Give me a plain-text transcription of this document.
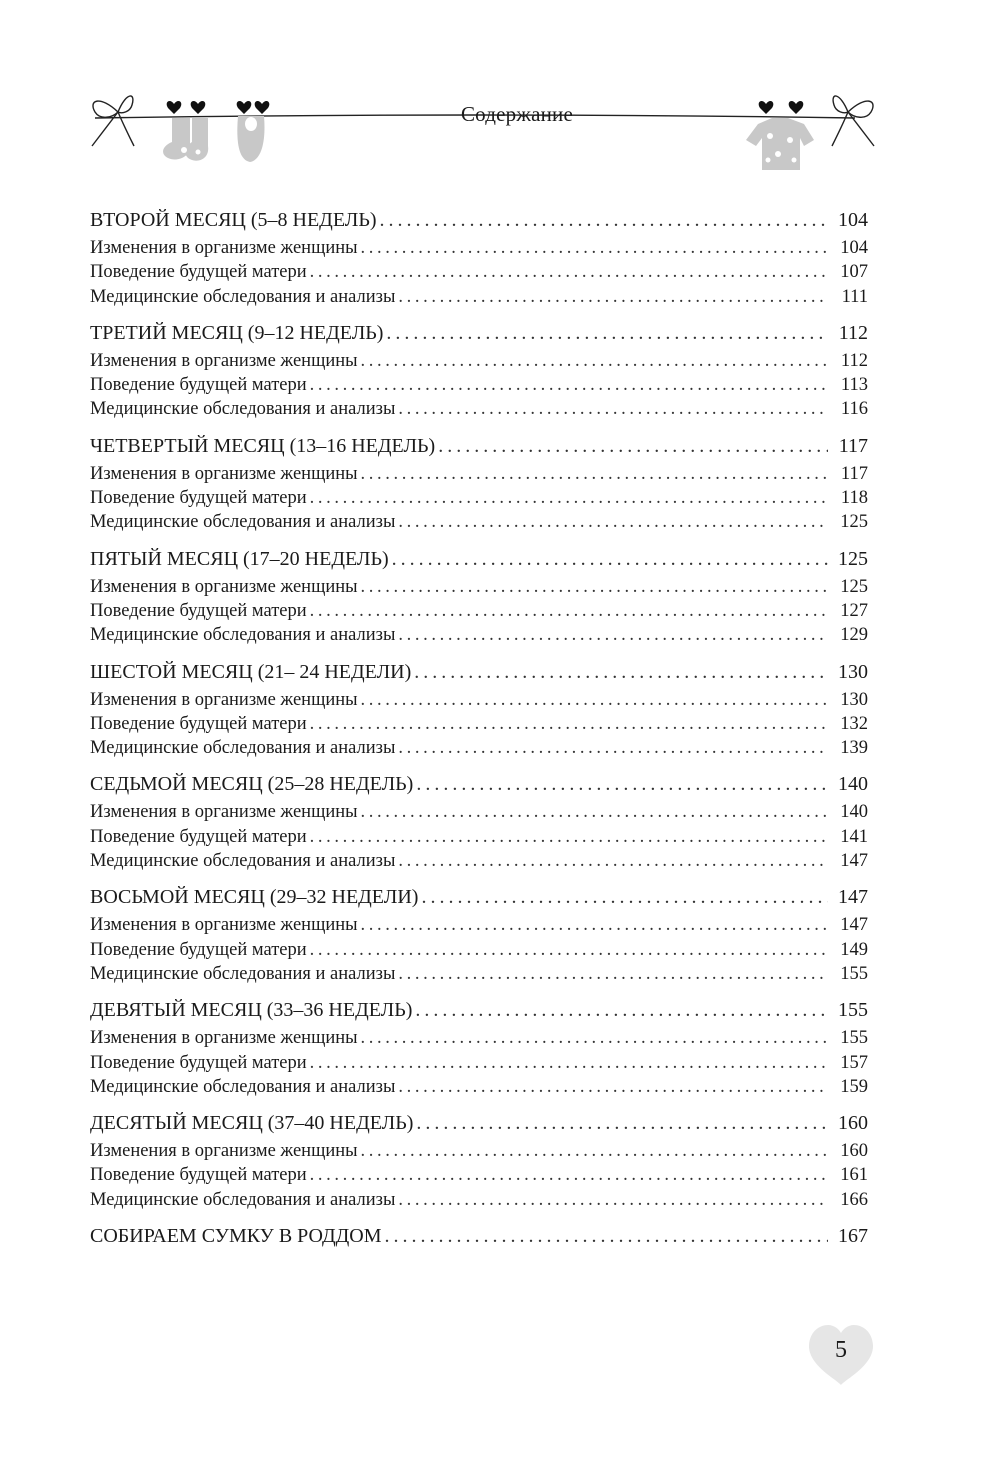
Содержание
ВТОРОЙ МЕСЯЦ (5–8 НЕДЕЛЬ) . . .	104
Изменения в организме женщины . . .	104
Поведение будущей матери . . .	107
Медицинские обследования и анализы . . .	111
ТРЕТИЙ МЕСЯЦ (9–12 НЕДЕЛЬ) . . .	112
Изменения в организме женщины . . .	112
Поведение будущей матери . . .	113
Медицинские обследования и анализы . . .	116
ЧЕТВЕРТЫЙ МЕСЯЦ (13–16 НЕДЕЛЬ) . . .	117
Изменения в организме женщины . . .	117
Поведение будущей матери . . .	118
Медицинские обследования и анализы . . .	125
ПЯТЫЙ МЕСЯЦ (17–20 НЕДЕЛЬ) . . .	125
Изменения в организме женщины . . .	125
Поведение будущей матери . . .	127
Медицинские обследования и анализы . . .	129
ШЕСТОЙ МЕСЯЦ (21– 24 НЕДЕЛИ) . . .	130
Изменения в организме женщины . . .	130
Поведение будущей матери . . .	132
Медицинские обследования и анализы . . .	139
СЕДЬМОЙ МЕСЯЦ (25–28 НЕДЕЛЬ) . . .	140
Изменения в организме женщины . . .	140
Поведение будущей матери . . .	141
Медицинские обследования и анализы . . .	147
ВОСЬМОЙ МЕСЯЦ (29–32 НЕДЕЛИ) . . .	147
Изменения в организме женщины . . .	147
Поведение будущей матери . . .	149
Медицинские обследования и анализы . . .	155
ДЕВЯТЫЙ МЕСЯЦ (33–36 НЕДЕЛЬ) . . .	155
Изменения в организме женщины . . .	155
Поведение будущей матери . . .	157
Медицинские обследования и анализы . . .	159
ДЕСЯТЫЙ МЕСЯЦ (37–40 НЕДЕЛЬ) . . .	160
Изменения в организме женщины . . .	160
Поведение будущей матери . . .	161
Медицинские обследования и анализы . . .	166
СОБИРАЕМ СУМКУ В РОДДОМ . . .	167
5
